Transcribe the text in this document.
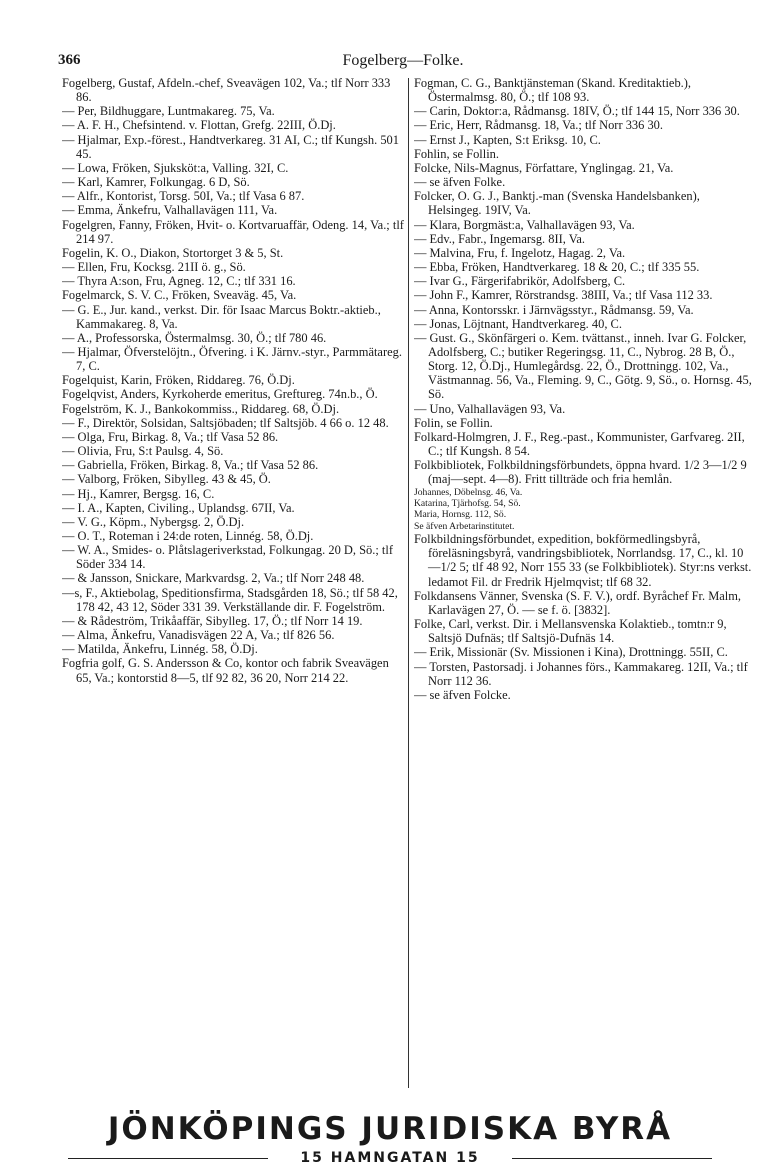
366	Fogelberg—Folke.

Fogelberg, Gustaf, Afdeln.-chef, Sveavägen 102, Va.; tlf Norr 333 86.

— Per, Bildhuggare, Luntmakareg. 75, Va.

— A. F. H., Chefsintend. v. Flottan, Grefg. 22III, Ö.Dj.

— Hjalmar, Exp.-förest., Handtverkareg. 31 AI, C.; tlf Kungsh. 501 45.

— Lowa, Fröken, Sjuksköt:a, Valling. 32I, C.

— Karl, Kamrer, Folkungag. 6 D, Sö.

— Alfr., Kontorist, Torsg. 50I, Va.; tlf Vasa 6 87.

— Emma, Änkefru, Valhallavägen 111, Va.

Fogelgren, Fanny, Fröken, Hvit- o. Kortvaruaffär, Odeng. 14, Va.; tlf 214 97.

Fogelin, K. O., Diakon, Stortorget 3 & 5, St.

— Ellen, Fru, Kocksg. 21II ö. g., Sö.

— Thyra A:son, Fru, Agneg. 12, C.; tlf 331 16.

Fogelmarck, S. V. C., Fröken, Sveaväg. 45, Va.

— G. E., Jur. kand., verkst. Dir. för Isaac Marcus Boktr.-aktieb., Kammakareg. 8, Va.

— A., Professorska, Östermalmsg. 30, Ö.; tlf 780 46.

— Hjalmar, Öfverstelöjtn., Öfvering. i K. Järnv.-styr., Parmmätareg. 7, C.

Fogelquist, Karin, Fröken, Riddareg. 76, Ö.Dj.

Fogelqvist, Anders, Kyrkoherde emeritus, Greftureg. 74n.b., Ö.

Fogelström, K. J., Bankokommiss., Riddareg. 68, Ö.Dj.

— F., Direktör, Solsidan, Saltsjöbaden; tlf Saltsjöb. 4 66 o. 12 48.

— Olga, Fru, Birkag. 8, Va.; tlf Vasa 52 86.

— Olivia, Fru, S:t Paulsg. 4, Sö.

— Gabriella, Fröken, Birkag. 8, Va.; tlf Vasa 52 86.

— Valborg, Fröken, Sibylleg. 43 & 45, Ö.

— Hj., Kamrer, Bergsg. 16, C.

— I. A., Kapten, Civiling., Uplandsg. 67II, Va.

— V. G., Köpm., Nybergsg. 2, Ö.Dj.

— O. T., Roteman i 24:de roten, Linnég. 58, Ö.Dj.

— W. A., Smides- o. Plåtslageriverkstad, Folkungag. 20 D, Sö.; tlf Söder 334 14.

— & Jansson, Snickare, Markvardsg. 2, Va.; tlf Norr 248 48.

—s, F., Aktiebolag, Speditionsfirma, Stadsgården 18, Sö.; tlf 58 42, 178 42, 43 12, Söder 331 39. Verkställande dir. F. Fogelström.

— & Rådeström, Trikåaffär, Sibylleg. 17, Ö.; tlf Norr 14 19.

— Alma, Änkefru, Vanadisvägen 22 A, Va.; tlf 826 56.

— Matilda, Änkefru, Linnég. 58, Ö.Dj.

Fogfria golf, G. S. Andersson & Co, kontor och fabrik Sveavägen 65, Va.; kontorstid 8—5, tlf 92 82, 36 20, Norr 214 22.

Fogman, C. G., Banktjänsteman (Skand. Kreditaktieb.), Östermalmsg. 80, Ö.; tlf 108 93.

— Carin, Doktor:a, Rådmansg. 18IV, Ö.; tlf 144 15, Norr 336 30.

— Eric, Herr, Rådmansg. 18, Va.; tlf Norr 336 30.

— Ernst J., Kapten, S:t Eriksg. 10, C.

Fohlin, se Follin.

Folcke, Nils-Magnus, Författare, Ynglingag. 21, Va.

— se äfven Folke.

Folcker, O. G. J., Banktj.-man (Svenska Handelsbanken), Helsingeg. 19IV, Va.

— Klara, Borgmäst:a, Valhallavägen 93, Va.

— Edv., Fabr., Ingemarsg. 8II, Va.

— Malvina, Fru, f. Ingelotz, Hagag. 2, Va.

— Ebba, Fröken, Handtverkareg. 18 & 20, C.; tlf 335 55.

— Ivar G., Färgerifabrikör, Adolfsberg, C.

— John F., Kamrer, Rörstrandsg. 38III, Va.; tlf Vasa 112 33.

— Anna, Kontorsskr. i Järnvägsstyr., Rådmansg. 59, Va.

— Jonas, Löjtnant, Handtverkareg. 40, C.

— Gust. G., Skönfärgeri o. Kem. tvättanst., inneh. Ivar G. Folcker, Adolfsberg, C.; butiker Regeringsg. 11, C., Nybrog. 28 B, Ö., Storg. 12, Ö.Dj., Humlegårdsg. 22, Ö., Drottningg. 102, Va., Västmannag. 56, Va., Fleming. 9, C., Götg. 9, Sö., o. Hornsg. 45, Sö.

— Uno, Valhallavägen 93, Va.

Folin, se Follin.

Folkard-Holmgren, J. F., Reg.-past., Kommunister, Garfvareg. 2II, C.; tlf Kungsh. 8 54.

Folkbibliotek, Folkbildningsförbundets, öppna hvard. 1/2 3—1/2 9 (maj—sept. 4—8). Fritt tillträde och fria hemlån.

Johannes, Döbelnsg. 46, Va.

Katarina, Tjärhofsg. 54, Sö.

Maria, Hornsg. 112, Sö.

Se äfven Arbetarinstitutet.

Folkbildningsförbundet, expedition, bokförmedlingsbyrå, föreläsningsbyrå, vandringsbibliotek, Norrlandsg. 17, C., kl. 10—1/2 5; tlf 48 92, Norr 155 33 (se Folkbibliotek). Styr:ns verkst. ledamot Fil. dr Fredrik Hjelmqvist; tlf 68 32.

Folkdansens Vänner, Svenska (S. F. V.), ordf. Byråchef Fr. Malm, Karlavägen 27, Ö. — se f. ö. [3832].

Folke, Carl, verkst. Dir. i Mellansvenska Kolaktieb., tomtn:r 9, Saltsjö Dufnäs; tlf Saltsjö-Dufnäs 14.

— Erik, Missionär (Sv. Missionen i Kina), Drottningg. 55II, C.

— Torsten, Pastorsadj. i Johannes förs., Kammakareg. 12II, Va.; tlf Norr 112 36.

— se äfven Folcke.

JÖNKÖPINGS JURIDISKA BYRÅ
15 HAMNGATAN 15
